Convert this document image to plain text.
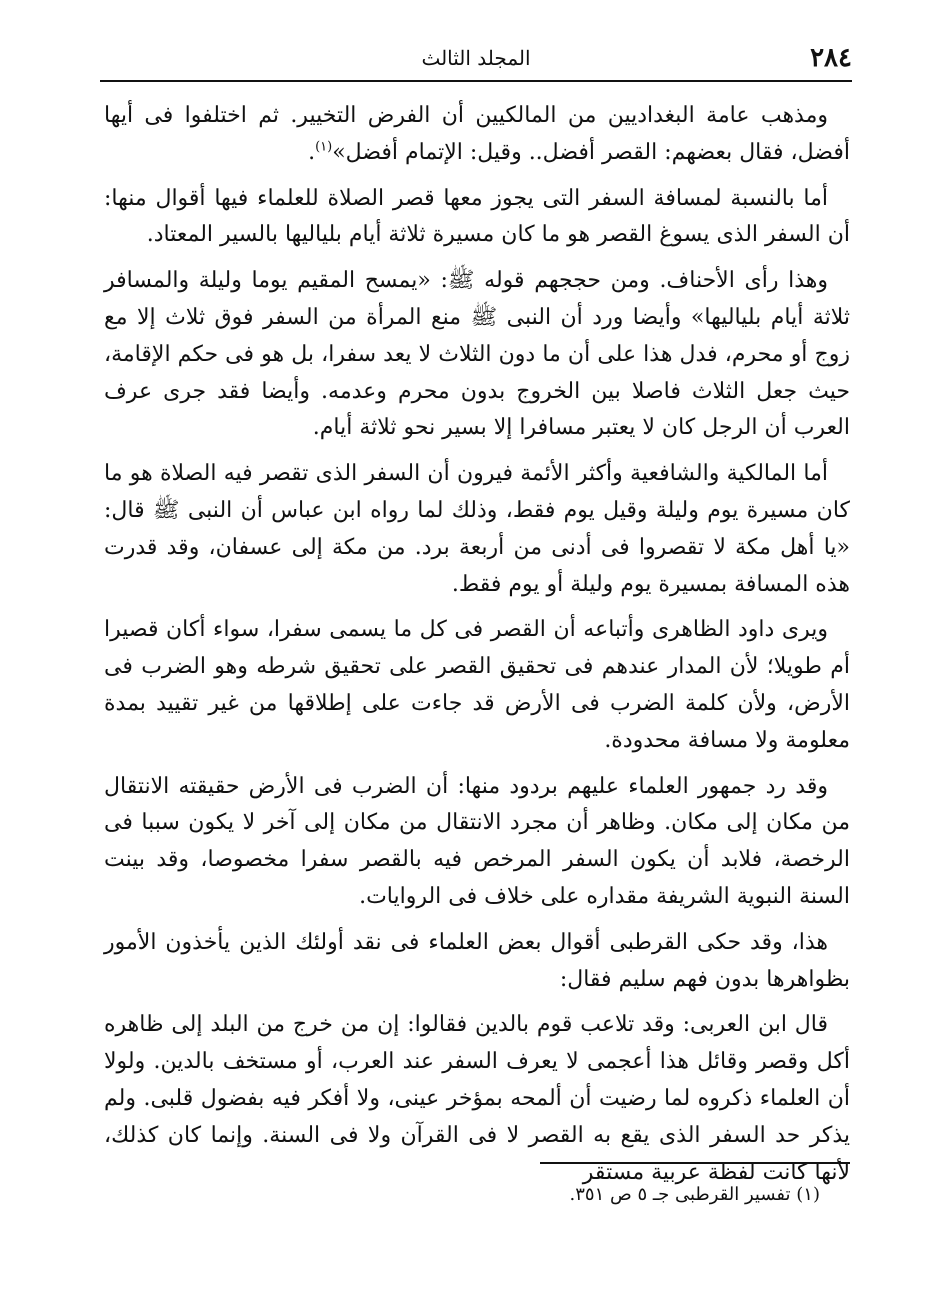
المجلد الثالث	٢٨٤

ومذهب عامة البغداديين من المالكيين أن الفرض التخيير. ثم اختلفوا فى أيها أفضل، فقال بعضهم: القصر أفضل.. وقيل: الإتمام أفضل»$^{(١)}$.

أما بالنسبة لمسافة السفر التى يجوز معها قصر الصلاة للعلماء فيها أقوال منها: أن السفر الذى يسوغ القصر هو ما كان مسيرة ثلاثة أيام بلياليها بالسير المعتاد.

وهذا رأى الأحناف. ومن حججهم قوله ﷺ: «يمسح المقيم يوما وليلة والمسافر ثلاثة أيام بلياليها» وأيضا ورد أن النبى ﷺ منع المرأة من السفر فوق ثلاث إلا مع زوج أو محرم، فدل هذا على أن ما دون الثلاث لا يعد سفرا، بل هو فى حكم الإقامة، حيث جعل الثلاث فاصلا بين الخروج بدون محرم وعدمه. وأيضا فقد جرى عرف العرب أن الرجل كان لا يعتبر مسافرا إلا بسير نحو ثلاثة أيام.

أما المالكية والشافعية وأكثر الأئمة فيرون أن السفر الذى تقصر فيه الصلاة هو ما كان مسيرة يوم وليلة وقيل يوم فقط، وذلك لما رواه ابن عباس أن النبى ﷺ قال: «يا أهل مكة لا تقصروا فى أدنى من أربعة برد. من مكة إلى عسفان، وقد قدرت هذه المسافة بمسيرة يوم وليلة أو يوم فقط.

ويرى داود الظاهرى وأتباعه أن القصر فى كل ما يسمى سفرا، سواء أكان قصيرا أم طويلا؛ لأن المدار عندهم فى تحقيق القصر على تحقيق شرطه وهو الضرب فى الأرض، ولأن كلمة الضرب فى الأرض قد جاءت على إطلاقها من غير تقييد بمدة معلومة ولا مسافة محدودة.

وقد رد جمهور العلماء عليهم بردود منها: أن الضرب فى الأرض حقيقته الانتقال من مكان إلى مكان. وظاهر أن مجرد الانتقال من مكان إلى آخر لا يكون سببا فى الرخصة، فلابد أن يكون السفر المرخص فيه بالقصر سفرا مخصوصا، وقد بينت السنة النبوية الشريفة مقداره على خلاف فى الروايات.

هذا، وقد حكى القرطبى أقوال بعض العلماء فى نقد أولئك الذين يأخذون الأمور بظواهرها بدون فهم سليم فقال:

قال ابن العربى: وقد تلاعب قوم بالدين فقالوا: إن من خرج من البلد إلى ظاهره أكل وقصر وقائل هذا أعجمى لا يعرف السفر عند العرب، أو مستخف بالدين. ولولا أن العلماء ذكروه لما رضيت أن ألمحه بمؤخر عينى، ولا أفكر فيه بفضول قلبى. ولم يذكر حد السفر الذى يقع به القصر لا فى القرآن ولا فى السنة. وإنما كان كذلك، لأنها كانت لفظة عربية مستقر

(١) تفسير القرطبى جـ ٥ ص ٣٥١.
